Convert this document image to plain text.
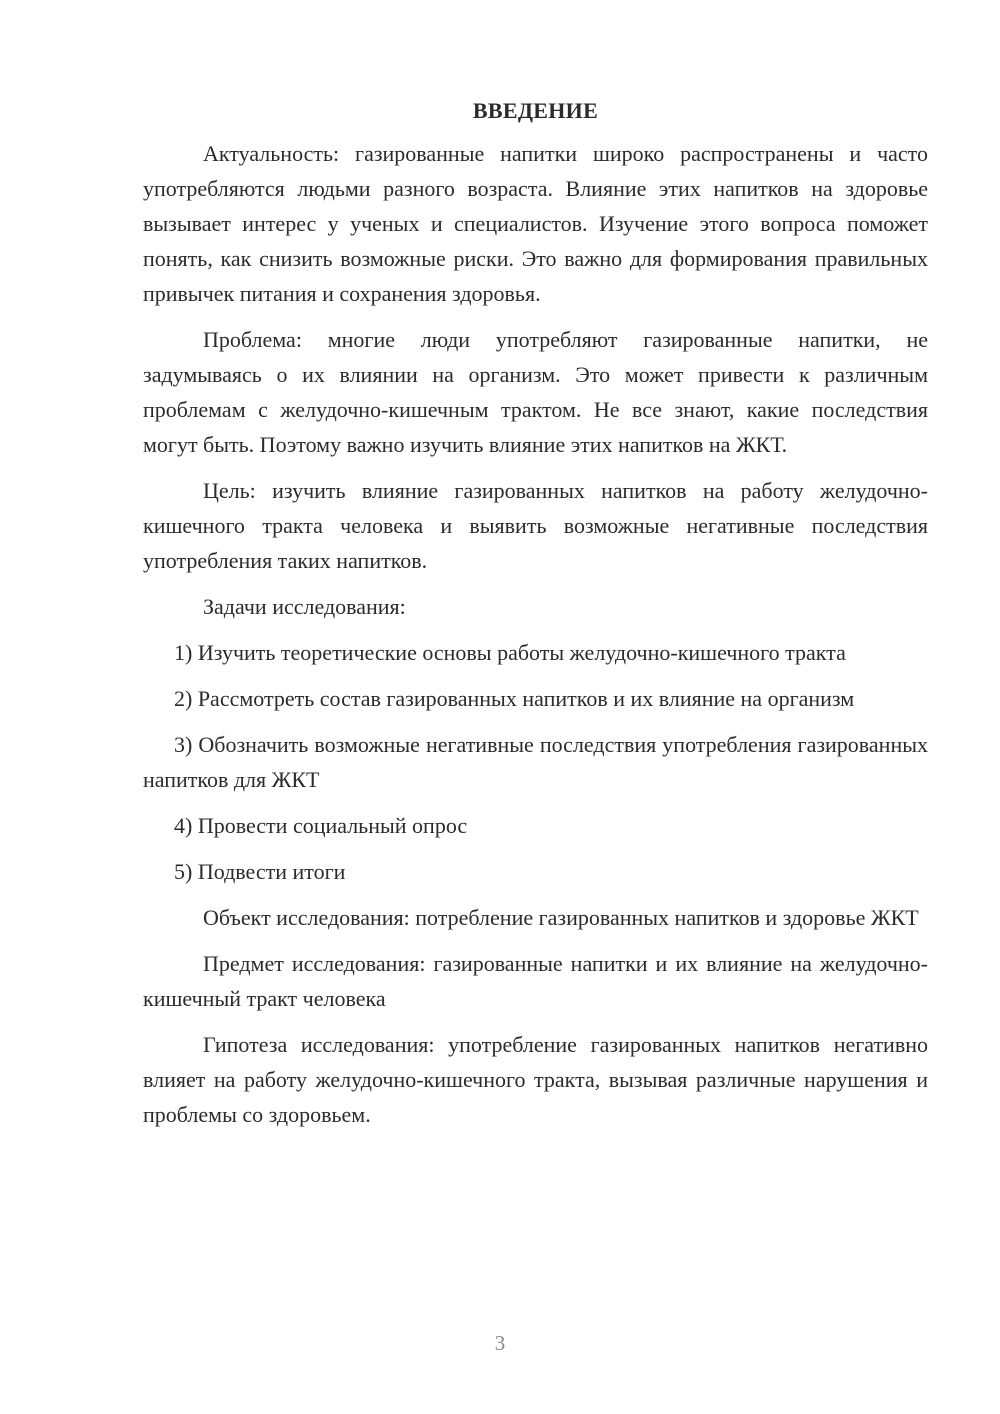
ВВЕДЕНИЕ

Актуальность: газированные напитки широко распространены и часто употребляются людьми разного возраста. Влияние этих напитков на здоровье вызывает интерес у ученых и специалистов. Изучение этого вопроса поможет понять, как снизить возможные риски. Это важно для формирования правильных привычек питания и сохранения здоровья.

Проблема: многие люди употребляют газированные напитки, не задумываясь о их влиянии на организм. Это может привести к различным проблемам с желудочно-кишечным трактом. Не все знают, какие последствия могут быть. Поэтому важно изучить влияние этих напитков на ЖКТ.

Цель: изучить влияние газированных напитков на работу желудочно-кишечного тракта человека и выявить возможные негативные последствия употребления таких напитков.

Задачи исследования:

1) Изучить теоретические основы работы желудочно-кишечного тракта

2) Рассмотреть состав газированных напитков и их влияние на организм

3) Обозначить возможные негативные последствия употребления газированных напитков для ЖКТ

4) Провести социальный опрос

5) Подвести итоги

Объект исследования: потребление газированных напитков и здоровье ЖКТ

Предмет исследования: газированные напитки и их влияние на желудочно-кишечный тракт человека

Гипотеза исследования: употребление газированных напитков негативно влияет на работу желудочно-кишечного тракта, вызывая различные нарушения и проблемы со здоровьем.

3
